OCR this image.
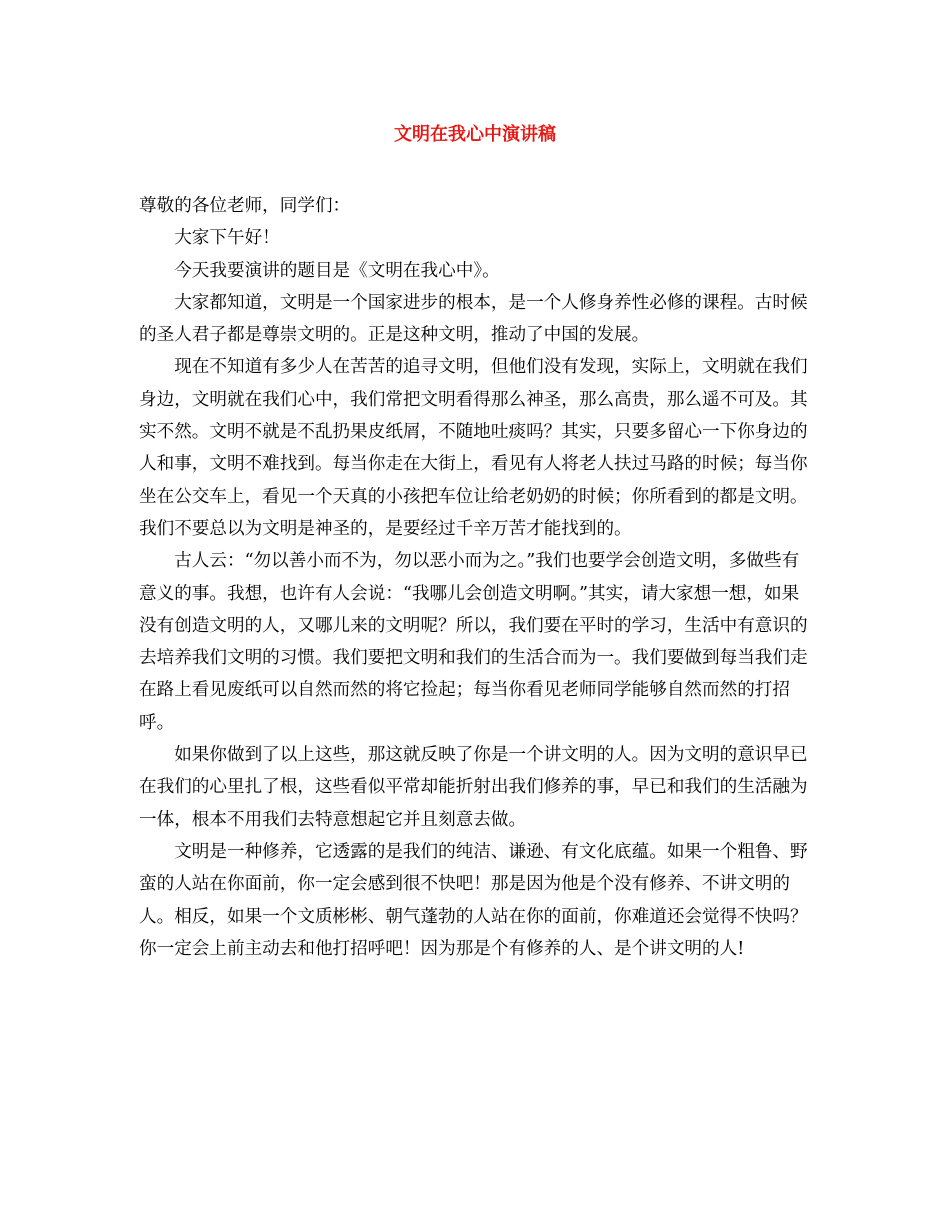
文明在我心中演讲稿

尊敬的各位老师，同学们：

大家下午好！

今天我要演讲的题目是《文明在我心中》。

大家都知道，文明是一个国家进步的根本，是一个人修身养性必修的课程。古时候的圣人君子都是尊崇文明的。正是这种文明，推动了中国的发展。

现在不知道有多少人在苦苦的追寻文明，但他们没有发现，实际上，文明就在我们身边，文明就在我们心中，我们常把文明看得那么神圣，那么高贵，那么遥不可及。其实不然。文明不就是不乱扔果皮纸屑，不随地吐痰吗？其实，只要多留心一下你身边的人和事，文明不难找到。每当你走在大街上，看见有人将老人扶过马路的时候；每当你坐在公交车上，看见一个天真的小孩把车位让给老奶奶的时候；你所看到的都是文明。我们不要总以为文明是神圣的，是要经过千辛万苦才能找到的。

古人云：“勿以善小而不为，勿以恶小而为之。”我们也要学会创造文明，多做些有意义的事。我想，也许有人会说：“我哪儿会创造文明啊。”其实，请大家想一想，如果没有创造文明的人，又哪儿来的文明呢？所以，我们要在平时的学习，生活中有意识的去培养我们文明的习惯。我们要把文明和我们的生活合而为一。我们要做到每当我们走在路上看见废纸可以自然而然的将它捡起；每当你看见老师同学能够自然而然的打招呼。

如果你做到了以上这些，那这就反映了你是一个讲文明的人。因为文明的意识早已在我们的心里扎了根，这些看似平常却能折射出我们修养的事，早已和我们的生活融为一体，根本不用我们去特意想起它并且刻意去做。

文明是一种修养，它透露的是我们的纯洁、谦逊、有文化底蕴。如果一个粗鲁、野蛮的人站在你面前，你一定会感到很不快吧！那是因为他是个没有修养、不讲文明的人。相反，如果一个文质彬彬、朝气蓬勃的人站在你的面前，你难道还会觉得不快吗？你一定会上前主动去和他打招呼吧！因为那是个有修养的人、是个讲文明的人!
